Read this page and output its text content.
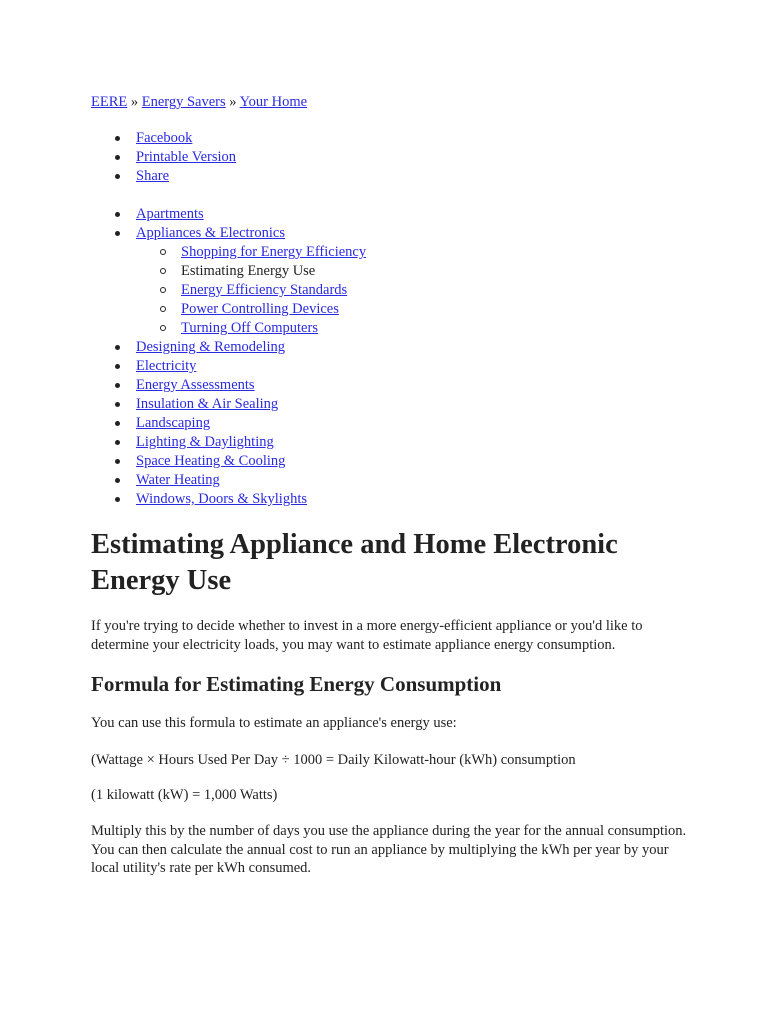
EERE » Energy Savers » Your Home
Facebook
Printable Version
Share
Apartments
Appliances & Electronics
Shopping for Energy Efficiency
Estimating Energy Use
Energy Efficiency Standards
Power Controlling Devices
Turning Off Computers
Designing & Remodeling
Electricity
Energy Assessments
Insulation & Air Sealing
Landscaping
Lighting & Daylighting
Space Heating & Cooling
Water Heating
Windows, Doors & Skylights
Estimating Appliance and Home Electronic Energy Use

If you're trying to decide whether to invest in a more energy-efficient appliance or you'd like to determine your electricity loads, you may want to estimate appliance energy consumption.

Formula for Estimating Energy Consumption

You can use this formula to estimate an appliance's energy use:

(Wattage × Hours Used Per Day ÷ 1000 = Daily Kilowatt-hour (kWh) consumption

(1 kilowatt (kW) = 1,000 Watts)

Multiply this by the number of days you use the appliance during the year for the annual consumption. You can then calculate the annual cost to run an appliance by multiplying the kWh per year by your local utility's rate per kWh consumed.
